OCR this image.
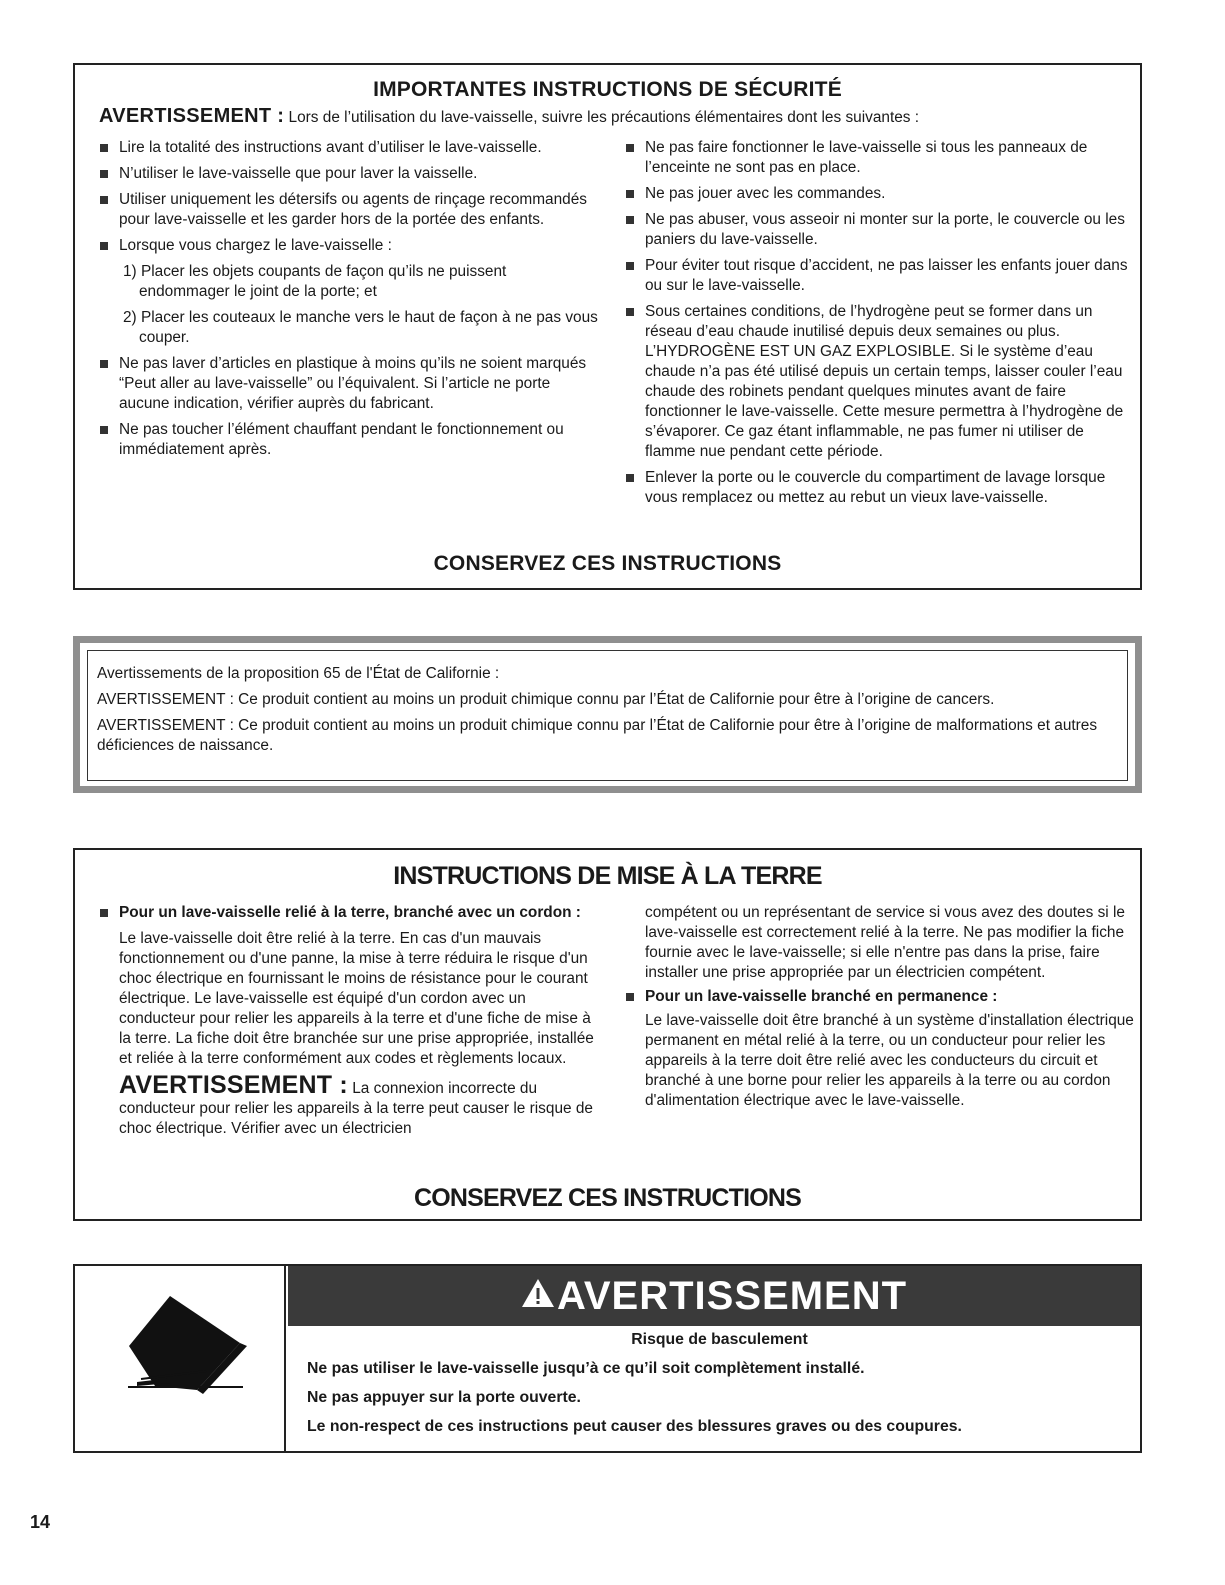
IMPORTANTES INSTRUCTIONS DE SÉCURITÉ
AVERTISSEMENT : Lors de l’utilisation du lave-vaisselle, suivre les précautions élémentaires dont les suivantes :
Lire la totalité des instructions avant d’utiliser le lave-vaisselle.
N’utiliser le lave-vaisselle que pour laver la vaisselle.
Utiliser uniquement les détersifs ou agents de rinçage recommandés pour lave-vaisselle et les garder hors de la portée des enfants.
Lorsque vous chargez le lave-vaisselle :
1) Placer les objets coupants de façon qu’ils ne puissent endommager le joint de la porte; et
2) Placer les couteaux le manche vers le haut de façon à ne pas vous couper.
Ne pas laver d’articles en plastique à moins qu’ils ne soient marqués “Peut aller au lave-vaisselle” ou l’équivalent. Si l’article ne porte aucune indication, vérifier auprès du fabricant.
Ne pas toucher l’élément chauffant pendant le fonctionnement ou immédiatement après.
Ne pas faire fonctionner le lave-vaisselle si tous les panneaux de l’enceinte ne sont pas en place.
Ne pas jouer avec les commandes.
Ne pas abuser, vous asseoir ni monter sur la porte, le couvercle ou les paniers du lave-vaisselle.
Pour éviter tout risque d’accident, ne pas laisser les enfants jouer dans ou sur le lave-vaisselle.
Sous certaines conditions, de l’hydrogène peut se former dans un réseau d’eau chaude inutilisé depuis deux semaines ou plus. L’HYDROGÈNE EST UN GAZ EXPLOSIBLE. Si le système d’eau chaude n’a pas été utilisé depuis un certain temps, laisser couler l’eau chaude des robinets pendant quelques minutes avant de faire fonctionner le lave-vaisselle. Cette mesure permettra à l’hydrogène de s’évaporer. Ce gaz étant inflammable, ne pas fumer ni utiliser de flamme nue pendant cette période.
Enlever la porte ou le couvercle du compartiment de lavage lorsque vous remplacez ou mettez au rebut un vieux lave-vaisselle.
CONSERVEZ CES INSTRUCTIONS

Avertissements de la proposition 65 de l'État de Californie :

AVERTISSEMENT : Ce produit contient au moins un produit chimique connu par l’État de Californie pour être à l’origine de cancers.

AVERTISSEMENT : Ce produit contient au moins un produit chimique connu par l’État de Californie pour être à l’origine de malformations et autres déficiences de naissance.

INSTRUCTIONS DE MISE À LA TERRE
Pour un lave-vaisselle relié à la terre, branché avec un cordon :
Le lave-vaisselle doit être relié à la terre. En cas d'un mauvais fonctionnement ou d'une panne, la mise à terre réduira le risque d'un choc électrique en fournissant le moins de résistance pour le courant électrique. Le lave-vaisselle est équipé d'un cordon avec un conducteur pour relier les appareils à la terre et d'une fiche de mise à la terre. La fiche doit être branchée sur une prise appropriée, installée et reliée à la terre conformément aux codes et règlements locaux.
AVERTISSEMENT : La connexion incorrecte du conducteur pour relier les appareils à la terre peut causer le risque de choc électrique. Vérifier avec un électricien
compétent ou un représentant de service si vous avez des doutes si le lave-vaisselle est correctement relié à la terre. Ne pas modifier la fiche fournie avec le lave-vaisselle; si elle n'entre pas dans la prise, faire installer une prise appropriée par un électricien compétent.
Pour un lave-vaisselle branché en permanence :
Le lave-vaisselle doit être branché à un système d'installation électrique permanent en métal relié à la terre, ou un conducteur pour relier les appareils à la terre doit être relié avec les conducteurs du circuit et branché à une borne pour relier les appareils à la terre ou au cordon d'alimentation électrique avec le lave-vaisselle.
CONSERVEZ CES INSTRUCTIONS
AVERTISSEMENT
Risque de basculement

Ne pas utiliser le lave-vaisselle jusqu’à ce qu’il soit complètement installé.

Ne pas appuyer sur la porte ouverte.

Le non-respect de ces instructions peut causer des blessures graves ou des coupures.

14
